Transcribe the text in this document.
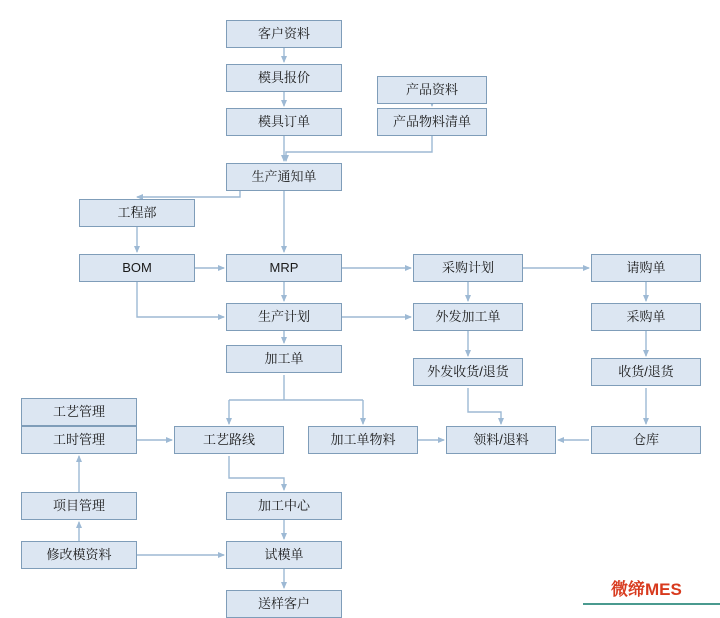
客户资料
模具报价
产品资料
模具订单	产品物料清单
生产通知单
工程部
BOM	MRP	采购计划	请购单
生产计划	外发加工单	采购单
加工单
外发收货/退货	收货/退货
工艺管理
工时管理	工艺路线	加工单物料	领料/退料	仓库
项目管理	加工中心
修改模资料	试模单
送样客户
微缔MES
